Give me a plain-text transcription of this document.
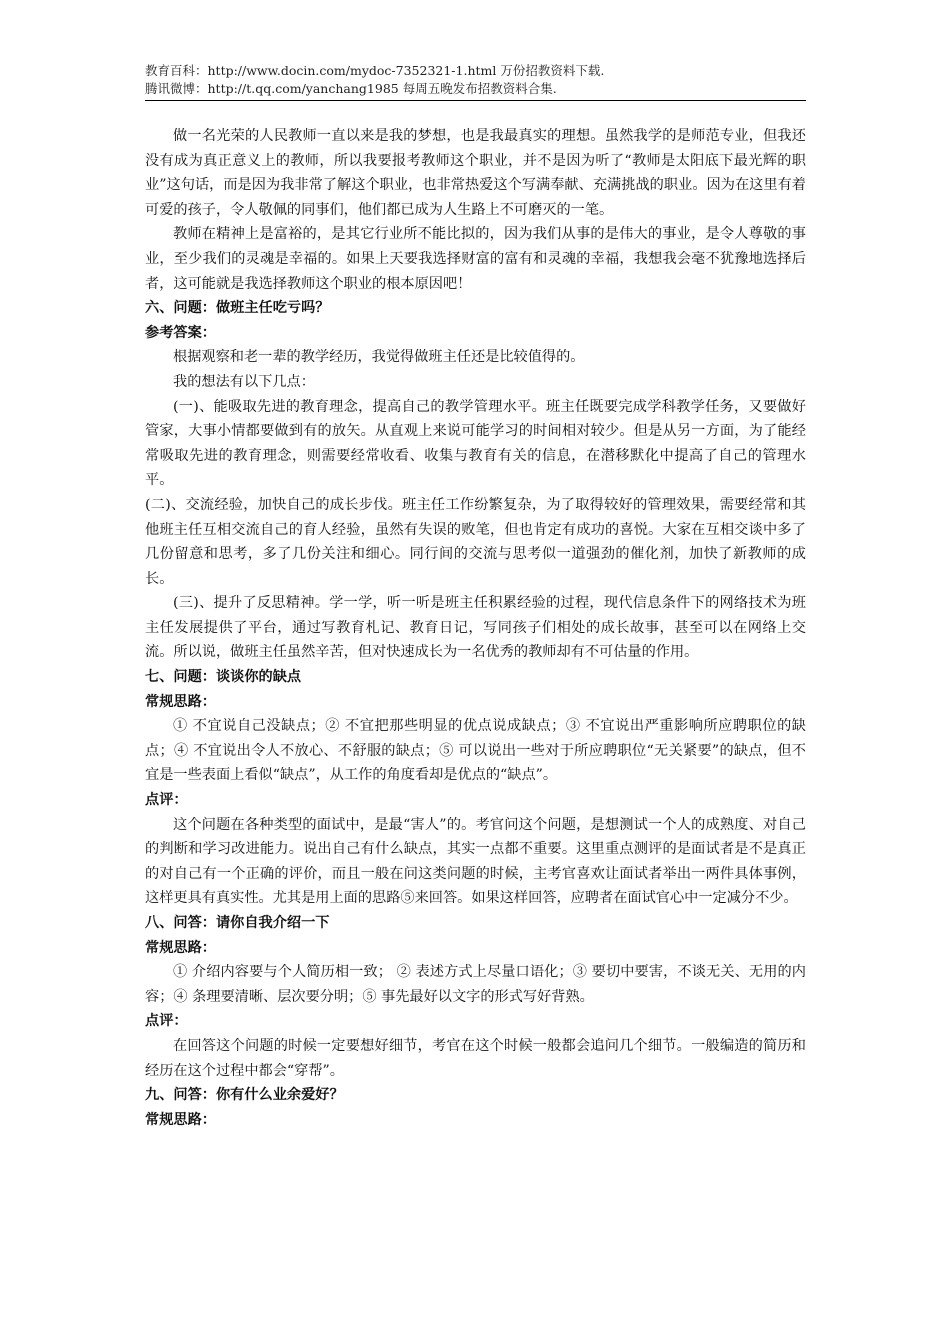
教育百科：http://www.docin.com/mydoc-7352321-1.html 万份招教资料下载.
腾讯微博：http://t.qq.com/yanchang1985 每周五晚发布招教资料合集.

做一名光荣的人民教师一直以来是我的梦想，也是我最真实的理想。虽然我学的是师范专业，但我还没有成为真正意义上的教师，所以我要报考教师这个职业，并不是因为听了“教师是太阳底下最光辉的职业”这句话，而是因为我非常了解这个职业，也非常热爱这个写满奉献、充满挑战的职业。因为在这里有着可爱的孩子，令人敬佩的同事们，他们都已成为人生路上不可磨灭的一笔。

教师在精神上是富裕的，是其它行业所不能比拟的，因为我们从事的是伟大的事业，是令人尊敬的事业，至少我们的灵魂是幸福的。如果上天要我选择财富的富有和灵魂的幸福，我想我会毫不犹豫地选择后者，这可能就是我选择教师这个职业的根本原因吧！

六、问题：做班主任吃亏吗？

参考答案：

根据观察和老一辈的教学经历，我觉得做班主任还是比较值得的。

我的想法有以下几点：

(一)、能吸取先进的教育理念，提高自己的教学管理水平。班主任既要完成学科教学任务，又要做好管家，大事小情都要做到有的放矢。从直观上来说可能学习的时间相对较少。但是从另一方面，为了能经常吸取先进的教育理念，则需要经常收看、收集与教育有关的信息，在潜移默化中提高了自己的管理水平。

(二)、交流经验，加快自己的成长步伐。班主任工作纷繁复杂，为了取得较好的管理效果，需要经常和其他班主任互相交流自己的育人经验，虽然有失误的败笔，但也肯定有成功的喜悦。大家在互相交谈中多了几份留意和思考，多了几份关注和细心。同行间的交流与思考似一道强劲的催化剂，加快了新教师的成长。

(三)、提升了反思精神。学一学，听一听是班主任积累经验的过程，现代信息条件下的网络技术为班主任发展提供了平台，通过写教育札记、教育日记，写同孩子们相处的成长故事，甚至可以在网络上交流。所以说，做班主任虽然辛苦，但对快速成长为一名优秀的教师却有不可估量的作用。

七、问题：谈谈你的缺点

常规思路：

① 不宜说自己没缺点；② 不宜把那些明显的优点说成缺点；③ 不宜说出严重影响所应聘职位的缺点；④ 不宜说出令人不放心、不舒服的缺点；⑤ 可以说出一些对于所应聘职位“无关紧要”的缺点，但不宜是一些表面上看似“缺点”，从工作的角度看却是优点的“缺点”。

点评：

这个问题在各种类型的面试中，是最“害人”的。考官问这个问题，是想测试一个人的成熟度、对自己的判断和学习改进能力。说出自己有什么缺点，其实一点都不重要。这里重点测评的是面试者是不是真正的对自己有一个正确的评价，而且一般在问这类问题的时候，主考官喜欢让面试者举出一两件具体事例，这样更具有真实性。尤其是用上面的思路⑤来回答。如果这样回答，应聘者在面试官心中一定减分不少。

八、问答：请你自我介绍一下

常规思路：

① 介绍内容要与个人简历相一致； ② 表述方式上尽量口语化；③ 要切中要害，不谈无关、无用的内容；④ 条理要清晰、层次要分明；⑤ 事先最好以文字的形式写好背熟。

点评：

在回答这个问题的时候一定要想好细节，考官在这个时候一般都会追问几个细节。一般编造的简历和经历在这个过程中都会“穿帮”。

九、问答：你有什么业余爱好？

常规思路：
